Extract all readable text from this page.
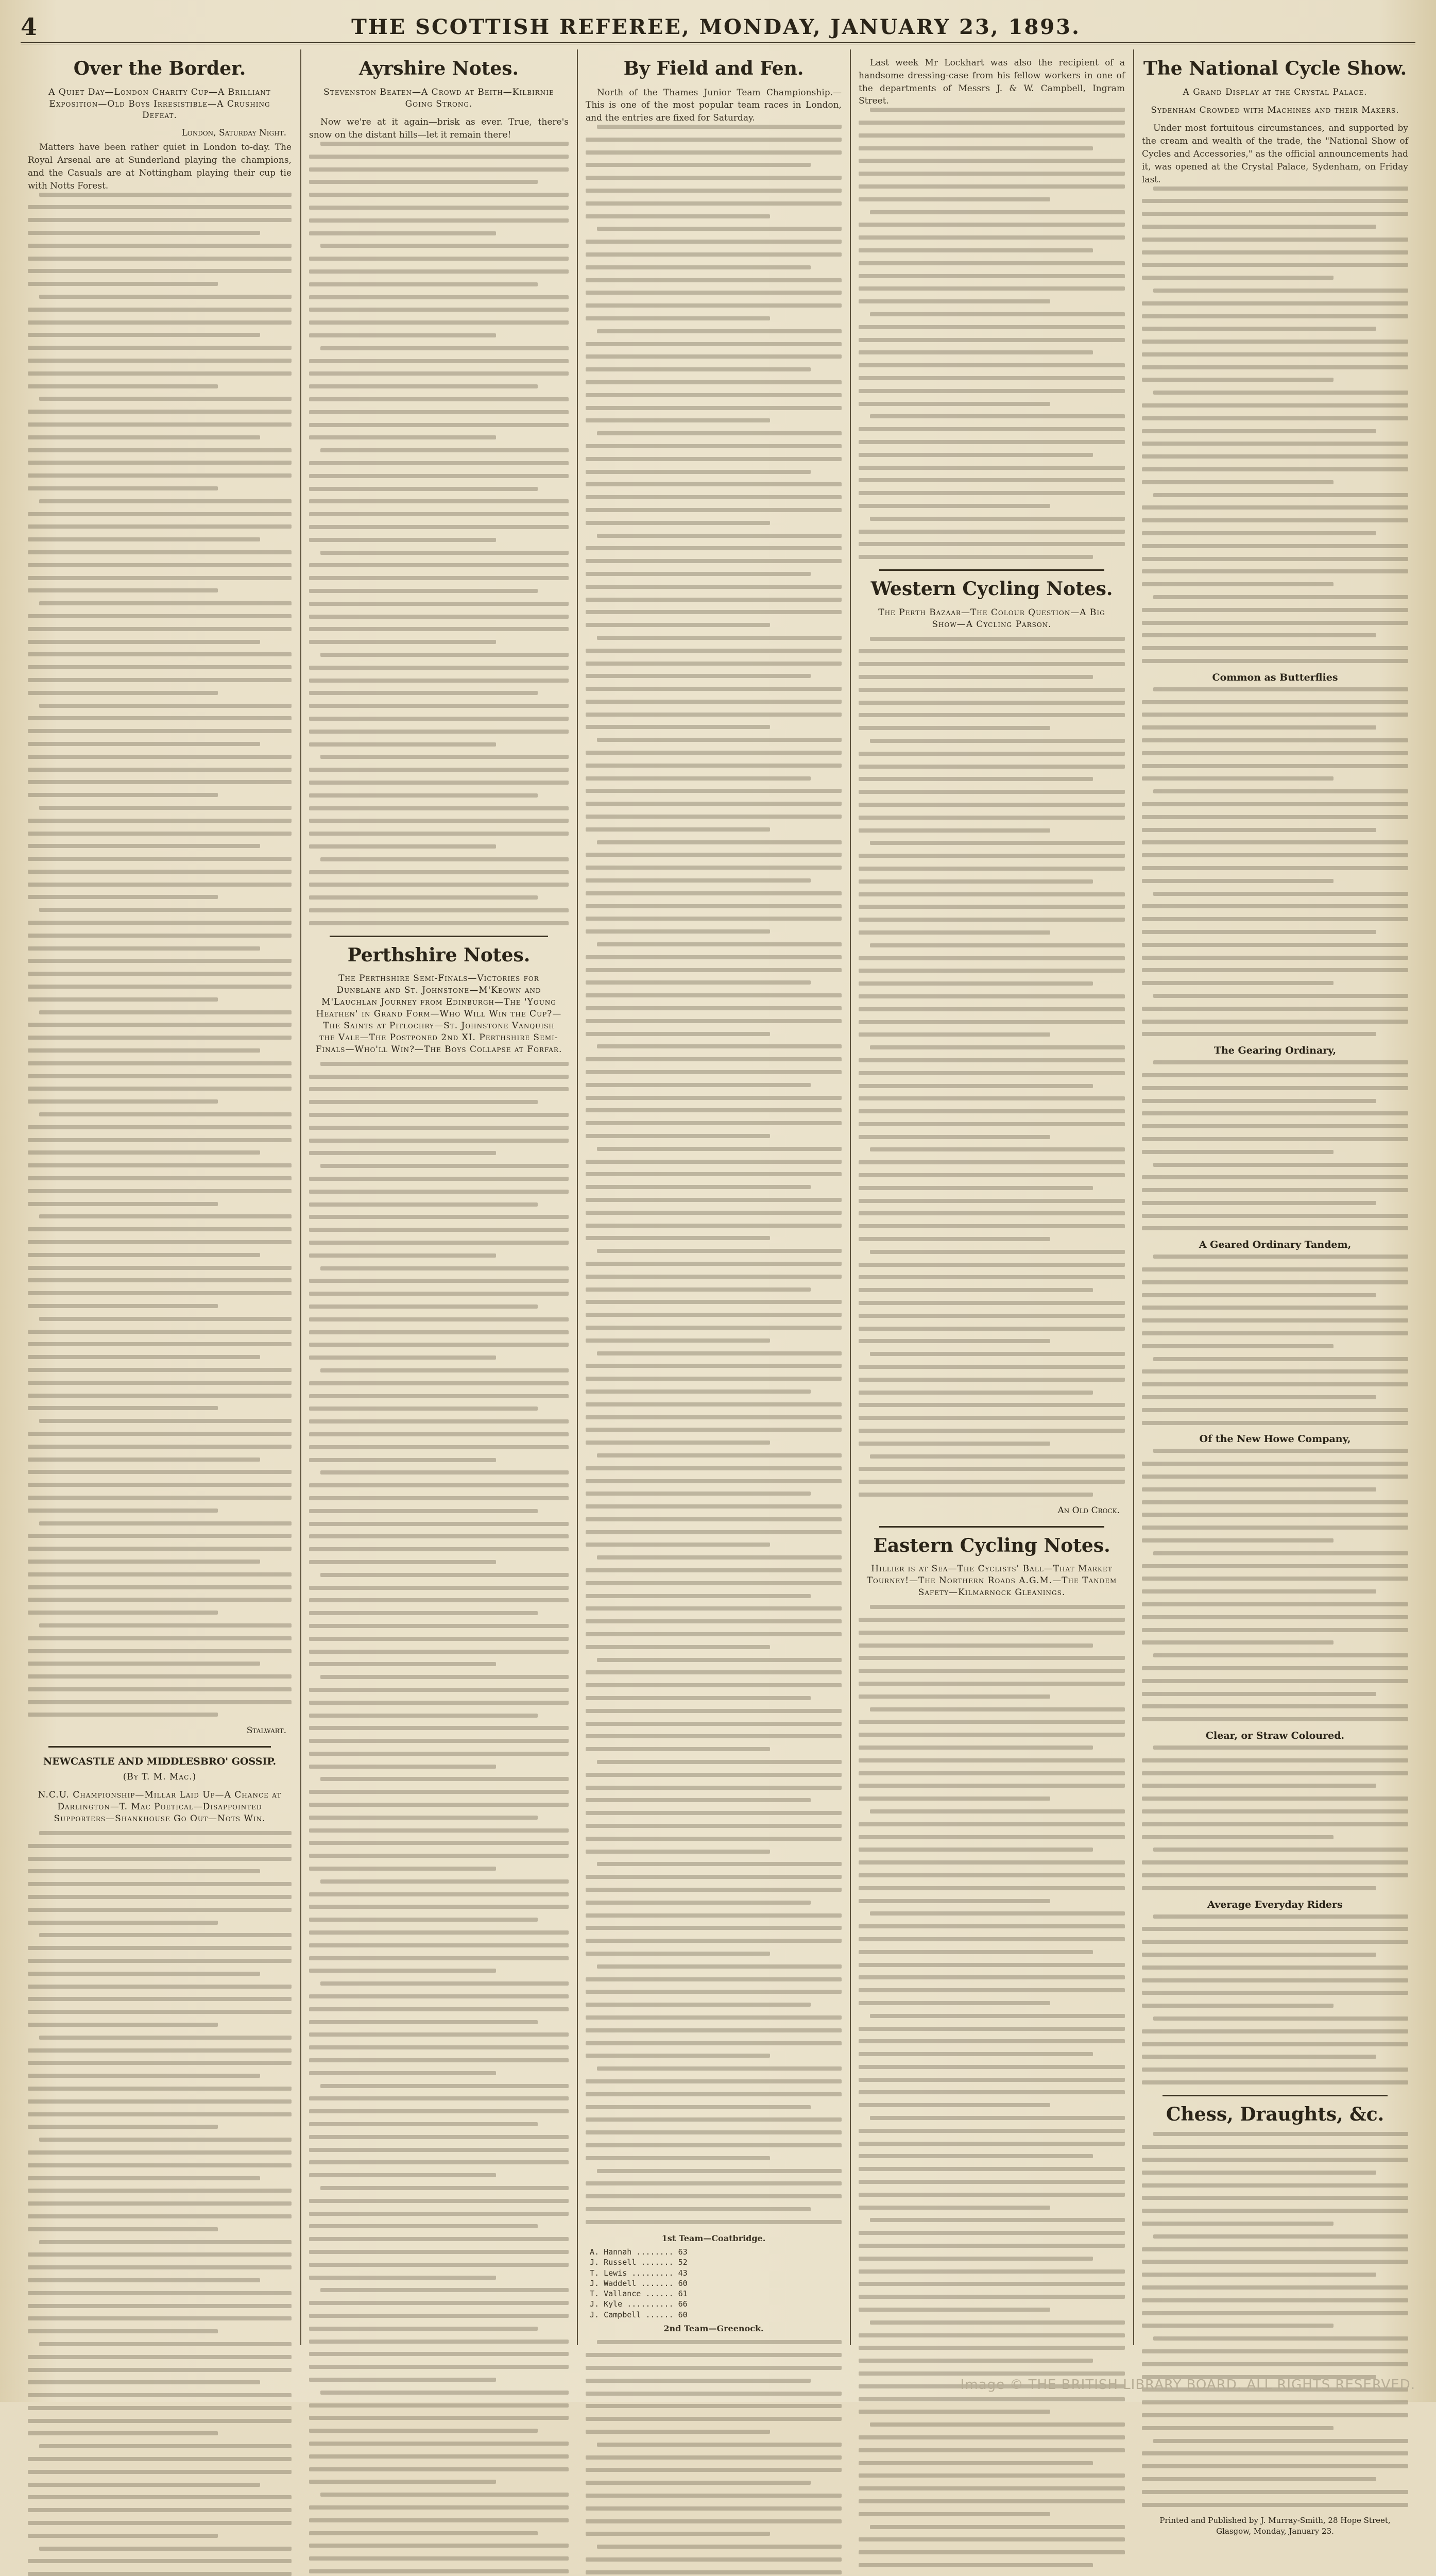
4	THE SCOTTISH REFEREE, MONDAY, JANUARY 23, 1893.
Over the Border.
A Quiet Day—London Charity Cup—A Brilliant Exposition—Old Boys Irresistible—A Crushing Defeat.
London, Saturday Night.
Matters have been rather quiet in London to-day. The Royal Arsenal are at Sunderland playing the champions, and the Casuals are at Nottingham playing their cup tie with Notts Forest.
Stalwart.
NEWCASTLE AND MIDDLESBRO' GOSSIP.
(By T. M. Mac.)
N.C.U. Championship—Millar Laid Up—A Chance at Darlington—T. Mac Poetical—Disappointed Supporters—Shankhouse Go Out—Nots Win.
Ayrshire Notes.
Stevenston Beaten—A Crowd at Beith—Kilbirnie Going Strong.
Now we're at it again—brisk as ever. True, there's snow on the distant hills—let it remain there!
Perthshire Notes.
The Perthshire Semi-Finals—Victories for Dunblane and St. Johnstone—M'Keown and M'Lauchlan Journey from Edinburgh—The 'Young Heathen' in Grand Form—Who Will Win the Cup?—The Saints at Pitlochry—St. Johnstone Vanquish the Vale—The Postponed 2nd XI. Perthshire Semi-Finals—Who'll Win?—The Boys Collapse at Forfar.
By Field and Fen.
North of the Thames Junior Team Championship.—This is one of the most popular team races in London, and the entries are fixed for Saturday.
1st Team—Coatbridge.
A. Hannah ........ 63
J. Russell ....... 52
T. Lewis ......... 43
J. Waddell ....... 60
T. Vallance ...... 61
J. Kyle .......... 66
J. Campbell ...... 60
2nd Team—Greenock.
Last week Mr Lockhart was also the recipient of a handsome dressing-case from his fellow workers in one of the departments of Messrs J. & W. Campbell, Ingram Street.
Western Cycling Notes.
The Perth Bazaar—The Colour Question—A Big Show—A Cycling Parson.
An Old Crock.
Eastern Cycling Notes.
Hillier is at Sea—The Cyclists' Ball—That Market Tourney!—The Northern Roads A.G.M.—The Tandem Safety—Kilmarnock Gleanings.
The National Cycle Show.
A Grand Display at the Crystal Palace.
Sydenham Crowded with Machines and their Makers.
Under most fortuitous circumstances, and supported by the cream and wealth of the trade, the "National Show of Cycles and Accessories," as the official announcements had it, was opened at the Crystal Palace, Sydenham, on Friday last.
Common as Butterflies
The Gearing Ordinary,
A Geared Ordinary Tandem,
Of the New Howe Company,
Clear, or Straw Coloured.
Average Everyday Riders
Chess, Draughts, &c.
Printed and Published by J. Murray-Smith, 28 Hope Street, Glasgow, Monday, January 23.
Image © THE BRITISH LIBRARY BOARD. ALL RIGHTS RESERVED.
